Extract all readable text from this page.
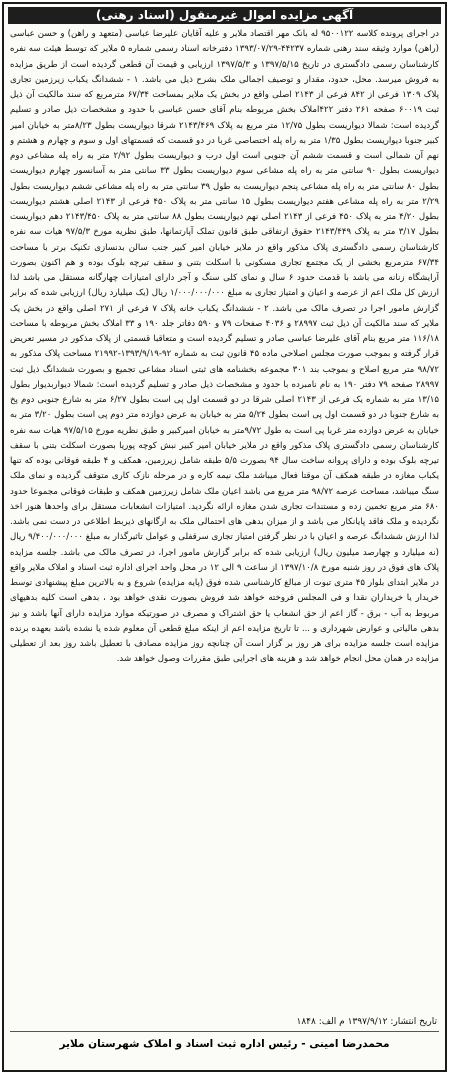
آگهی مزایده اموال غیرمنقول (اسناد رهنی)
در اجرای پرونده کلاسه ۹۵۰۰۱۲۲ له بانک مهر اقتصاد ملایر و علیه آقایان علیرضا عباسی (متعهد و راهن) و حسن عباسی (راهن) موارد وثیقه سند رهنی شماره ۴۴۲۳۷-۱۳۹۳/۰۷/۲۹ دفترخانه اسناد رسمی شماره ۵ ملایر که توسط هیئت سه نفره کارشناسان رسمی دادگستری در تاریخ ۱۳۹۷/۵/۱۵ و ۱۳۹۷/۵/۳ ارزیابی و قیمت آن قطعی گردیده است از طریق مزایده به فروش میرسد. محل، حدود، مقدار و توصیف اجمالی ملک بشرح ذیل می باشد. ۱ - ششدانگ یکباب زیرزمین تجاری پلاک ۱۳۰۹ فرعی از ۸۴۲ فرعی از ۲۱۴۳ اصلی واقع در بخش یک ملایر بمساحت ۶۷/۳۴ مترمربع که سند مالکیت آن ذیل ثبت ۶۰۰۱۹ صفحه ۲۶۱ دفتر ۴۲۲املاک بخش مربوطه بنام آقای حسن عباسی با حدود و مشخصات ذیل صادر و تسلیم گردیده است: شمالا دیواریست بطول ۱۲/۷۵ متر مربع به پلاک ۲۱۴۳/۴۶۹ شرقا دیواریست بطول ۸/۲۳متر به خیابان امیر کبیر جنوبا دیواریست بطول ۱/۳۵ متر به راه پله اختصاصی غربا در دو قسمت که قسمتهای اول و سوم و چهارم و هشتم و نهم آن شمالی است و قسمت ششم آن جنوبی است اول درب و دیواریست بطول ۲/۹۲ متر به راه پله مشاعی دوم دیواریست بطول ۹۰ سانتی متر به راه پله مشاعی سوم دیواریست بطول ۳۳ سانتی متر به آسانسور چهارم دیواریست بطول ۸۰ سانتی متر به راه پله مشاعی پنجم دیواریست به طول ۳۹ سانتی متر به راه پله مشاعی ششم دیواریست بطول ۲/۲۹ متر به راه پله مشاعی هفتم دیواریست بطول ۱۵ سانتی متر به پلاک ۴۵۰ فرعی از ۲۱۴۳ اصلی هشتم دیواریست بطول ۴/۲۰ متر به پلاک ۴۵۰ فرعی از ۲۱۴۳ اصلی نهم دیواریست بطول ۸۸ سانتی متر به پلاک ۲۱۴۳/۴۵۰ دهم دیواریست بطول ۳/۱۷ متر به پلاک ۲۱۴۳/۴۴۹ حقوق ارتفاقی طبق قانون تملک آپارتمانها، طبق نظریه مورخ ۹۷/۵/۳ هیات سه نفره کارشناسان رسمی دادگستری پلاک مذکور واقع در ملایر خیابان امیر کبیر جنب سالن بدنسازی تکنیک برتر با مساحت ۶۷/۳۴ مترمربع بخشی از یک مجتمع تجاری مسکونی با اسکلت بتنی و سقف تیرچه بلوک بوده و هم اکنون بصورت آرایشگاه زنانه می باشد با قدمت حدود ۶ سال و نمای کلی سنگ و آجر دارای امتیازات چهارگانه مستقل می باشد لذا ارزش کل ملک اعم از عرصه و اعیان و امتیاز تجاری به مبلغ ۱/۰۰۰/۰۰۰/۰۰۰ ریال (یک میلیارد ریال) ارزیابی شده که برابر گزارش مامور اجرا در تصرف مالک می باشد. ۲ - ششدانگ یکباب خانه پلاک ۷ فرعی از ۲۷۱ اصلی واقع در بخش یک ملایر که سند مالکیت آن ذیل ثبت ۲۸۹۹۷ و ۴۰۳۶ صفحات ۷۹ و ۵۹۰ دفاتر جلد ۱۹۰ و ۳۳ املاک بخش مربوطه با مساحت ۱۱۶/۱۸ متر مربع بنام آقای علیرضا عباسی صادر و تسلیم گردیده است و متعاقبا قسمتی از پلاک مذکور در مسیر تعریض قرار گرفته و بموجب صورت مجلس اصلاحی ماده ۴۵ قانون ثبت به شماره ۹۲-۱۳۹۳/۹/۱۹-۲۱۹۹۲ مساحت پلاک مذکور به ۹۸/۷۲ متر مربع اصلاح و بموجب بند ۳۰۱ مجموعه بخشنامه های ثبتی اسناد مشاعی تجمیع و بصورت ششدانگ ذیل ثبت ۲۸۹۹۷ صفحه ۷۹ دفتر ۱۹۰ به نام نامبرده با حدود و مشخصات ذیل صادر و تسلیم گردیده است: شمالا دیواربدیوار بطول ۱۳/۱۵ متر به شماره یک فرعی از ۲۱۴۳ اصلی شرقا در دو قسمت اول پی است بطول ۶/۲۷ متر به شارع جنوبی دوم پخ به شارع جنوبا در دو قسمت اول پی است بطول ۵/۲۴ متر به خیابان به عرض دوازده متر دوم پی است بطول ۳/۲۰ متر به خیابان به عرض دوازده متر غربا پی است به طول ۹/۷۲متر به خیابان امیرکبیر و طبق نظریه مورخ ۹۷/۵/۱۵ هیات سه نفره کارشناسان رسمی دادگستری پلاک مذکور واقع در ملایر خیابان امیر کبیر نبش کوچه پوریا بصورت اسکلت بتنی با سقف تیرچه بلوک بوده و دارای پروانه ساخت سال ۹۴ بصورت ۵/۵ طبقه شامل زیرزمین، همکف و ۴ طبقه فوقانی بوده که تنها یکباب مغازه در طبقه همکف آن موقتا فعال میباشد ملک نیمه کاره و در مرحله نازک کاری متوقف گردیده و نمای ملک سنگ میباشد، مساحت عرصه ۹۸/۷۲ متر مربع می باشد اعیان ملک شامل زیرزمین همکف و طبقات فوقانی مجموعا حدود ۶۸۰ متر مربع تخمین زده و مستندات تجاری شدن مغازه ارائه نگردید. امتیازات انشعابات مستقل برای واحدها هنوز اخذ نگردیده و ملک فاقد پایانکار می باشد و از میزان بدهی های احتمالی ملک به ارگانهای ذیربط اطلاعی در دست نمی باشد. لذا ارزش ششدانگ عرصه و اعیان با در نظر گرفتن امتیاز تجاری سرقفلی و عوامل تاثیرگذار به مبلغ ۹/۴۰۰/۰۰۰/۰۰۰ ریال (نه میلیارد و چهارصد میلیون ریال) ارزیابی شده که برابر گزارش مامور اجرا، در تصرف مالک می باشد. جلسه مزایده پلاک های فوق در روز شنبه مورخ ۱۳۹۷/۱۰/۸ از ساعت ۹ الی ۱۲ در محل واحد اجرای اداره ثبت اسناد و املاک ملایر واقع در ملایر ابتدای بلوار ۴۵ متری تبوت از مبالغ کارشناسی شده فوق (پایه مزایده) شروع و به بالاترین مبلغ پیشنهادی توسط خریدار یا خریداران نقدا و فی المجلس فروخته خواهد شد فروش بصورت نقدی خواهد بود ، بدهی است کلیه بدهیهای مربوط به آب - برق - گاز اعم از حق انشعاب یا حق اشتراک و مصرف در صورتیکه موارد مزایده دارای آنها باشد و نیز بدهی مالیاتی و عوارض شهرداری و ... تا تاریخ مزایده اعم از اینکه مبلغ قطعی آن معلوم شده یا نشده باشد بعهده برنده مزایده است جلسه مزایده برای هر روز بر گزار است آن چنانچه روز مزایده مصادف با تعطیل باشد روز بعد از تعطیلی مزایده در همان محل انجام خواهد شد و هزینه های اجرایی طبق مقررات وصول خواهد شد.
تاریخ انتشار: ۱۳۹۷/۹/۱۲ م الف: ۱۸۴۸
محمدرضا امینی - رئیس اداره ثبت اسناد و املاک شهرستان ملایر
